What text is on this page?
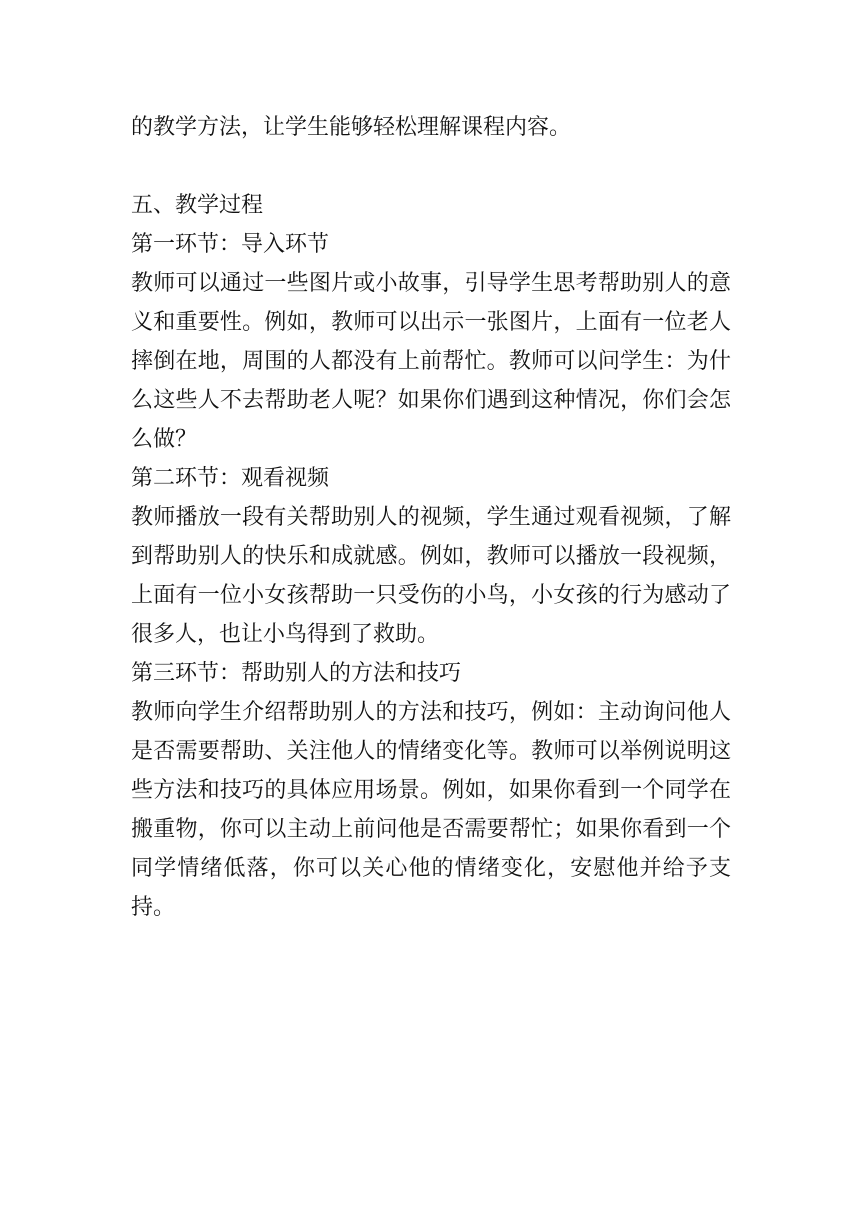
的教学方法，让学生能够轻松理解课程内容。

五、教学过程

第一环节：导入环节

教师可以通过一些图片或小故事，引导学生思考帮助别人的意义和重要性。例如，教师可以出示一张图片，上面有一位老人摔倒在地，周围的人都没有上前帮忙。教师可以问学生：为什么这些人不去帮助老人呢？如果你们遇到这种情况，你们会怎么做？

第二环节：观看视频

教师播放一段有关帮助别人的视频，学生通过观看视频，了解到帮助别人的快乐和成就感。例如，教师可以播放一段视频，上面有一位小女孩帮助一只受伤的小鸟，小女孩的行为感动了很多人，也让小鸟得到了救助。

第三环节：帮助别人的方法和技巧

教师向学生介绍帮助别人的方法和技巧，例如：主动询问他人是否需要帮助、关注他人的情绪变化等。教师可以举例说明这些方法和技巧的具体应用场景。例如，如果你看到一个同学在搬重物，你可以主动上前问他是否需要帮忙；如果你看到一个同学情绪低落，你可以关心他的情绪变化，安慰他并给予支持。
